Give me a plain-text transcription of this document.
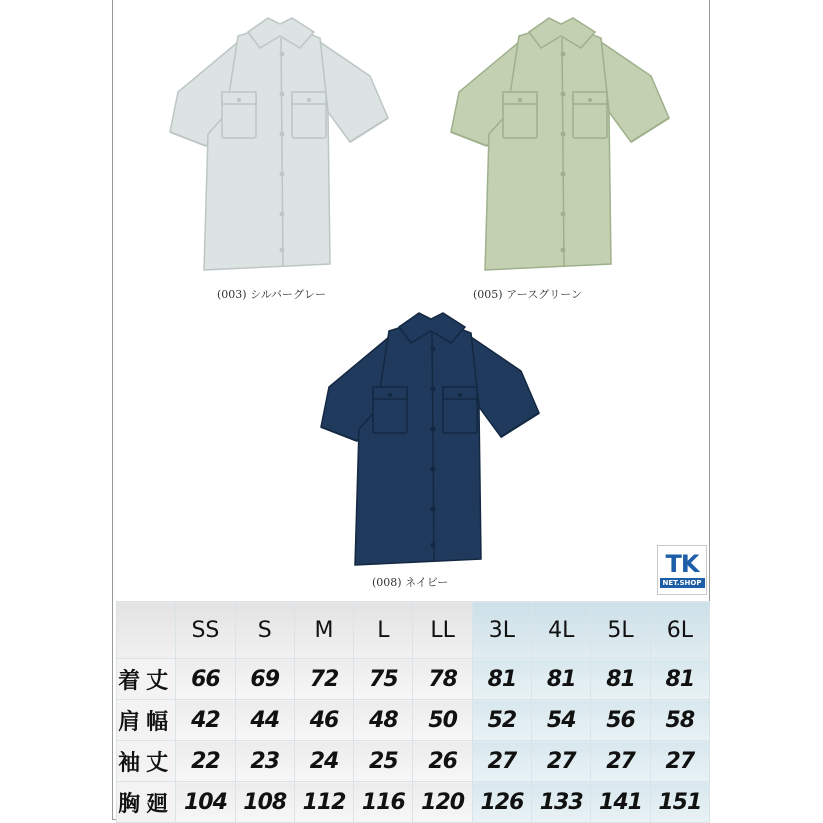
(003) シルバーグレー	(005) アースグリーン
(008) ネイビー
TK
NET.SHOP
	SS	S	M	L	LL	3L	4L	5L	6L
着丈	66	69	72	75	78	81	81	81	81
肩幅	42	44	46	48	50	52	54	56	58
袖丈	22	23	24	25	26	27	27	27	27
胸廻	104	108	112	116	120	126	133	141	151
